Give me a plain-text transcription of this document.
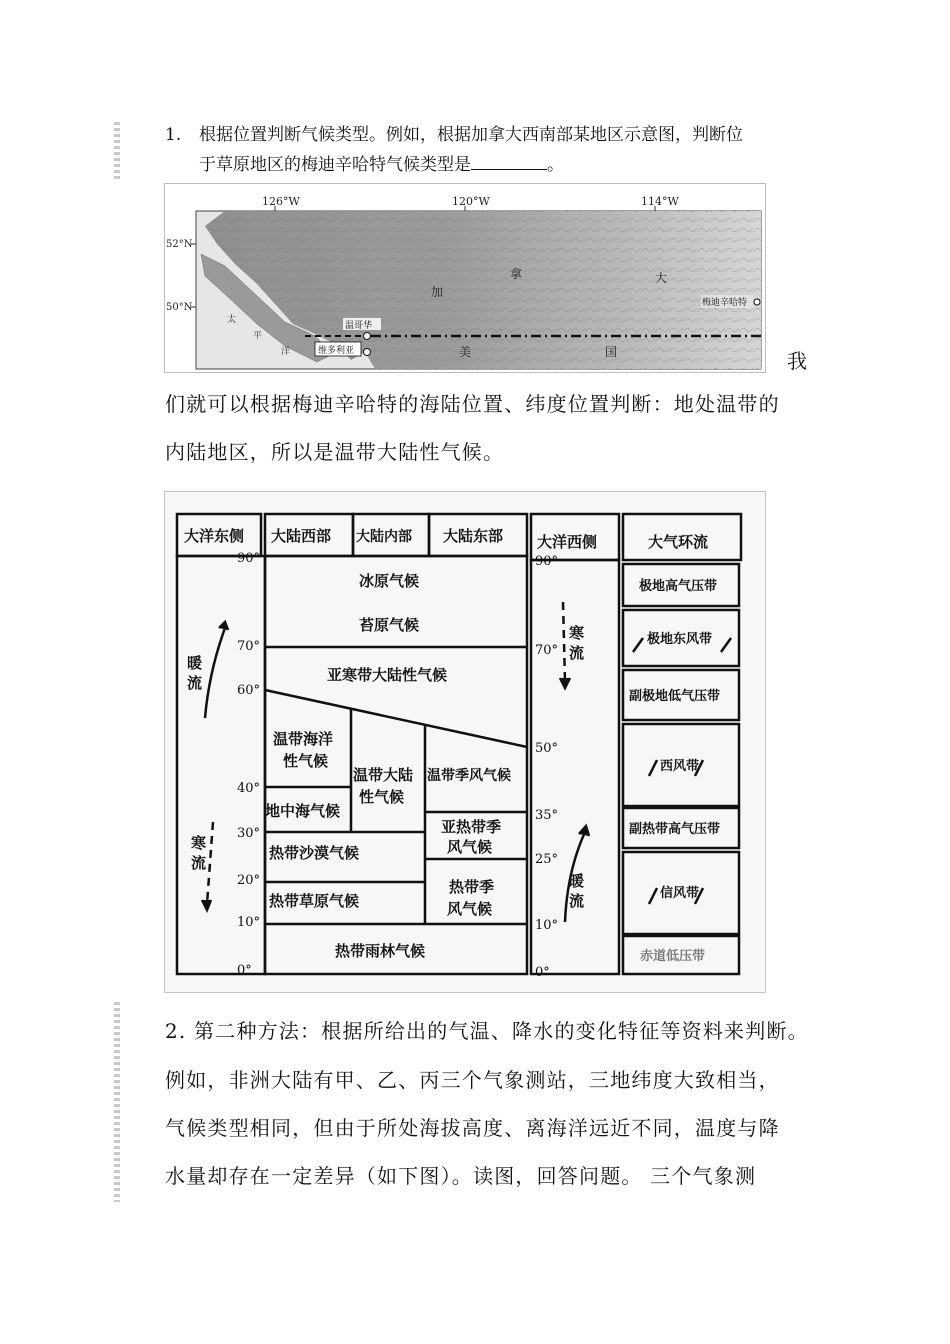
1. 根据位置判断气候类型。例如，根据加拿大西南部某地区示意图，判断位
于草原地区的梅迪辛哈特气候类型是	。
126°W	120°W	114°W
52°N
50°N
加
拿	大
美	国
太
平
洋
梅迪辛哈特
温哥华
维多利亚	我
们就可以根据梅迪辛哈特的海陆位置、纬度位置判断：地处温带的
内陆地区，所以是温带大陆性气候。
大洋东侧 大陆西部 大陆内部 大陆东部 大洋西侧	大气环流
90°
70°
60°
40°
30°
20°
10°
0°
90°
70°
50°
35°
25°
10°
0°
暖
流
寒
流
寒
流
暖
流
冰原气候
苔原气候
亚寒带大陆性气候
温带海洋
性气候
温带大陆
性气候
温带季风气候
地中海气候
亚热带季
风气候
热带沙漠气候
热带季
风气候
热带草原气候
热带雨林气候
极地高气压带
极地东风带
副极地低气压带
西风带
副热带高气压带
信风带
赤道低压带
2. 第二种方法：根据所给出的气温、降水的变化特征等资料来判断。
例如，非洲大陆有甲、乙、丙三个气象测站，三地纬度大致相当，
气候类型相同，但由于所处海拔高度、离海洋远近不同，温度与降
水量却存在一定差异（如下图）。读图，回答问题。 三个气象测
